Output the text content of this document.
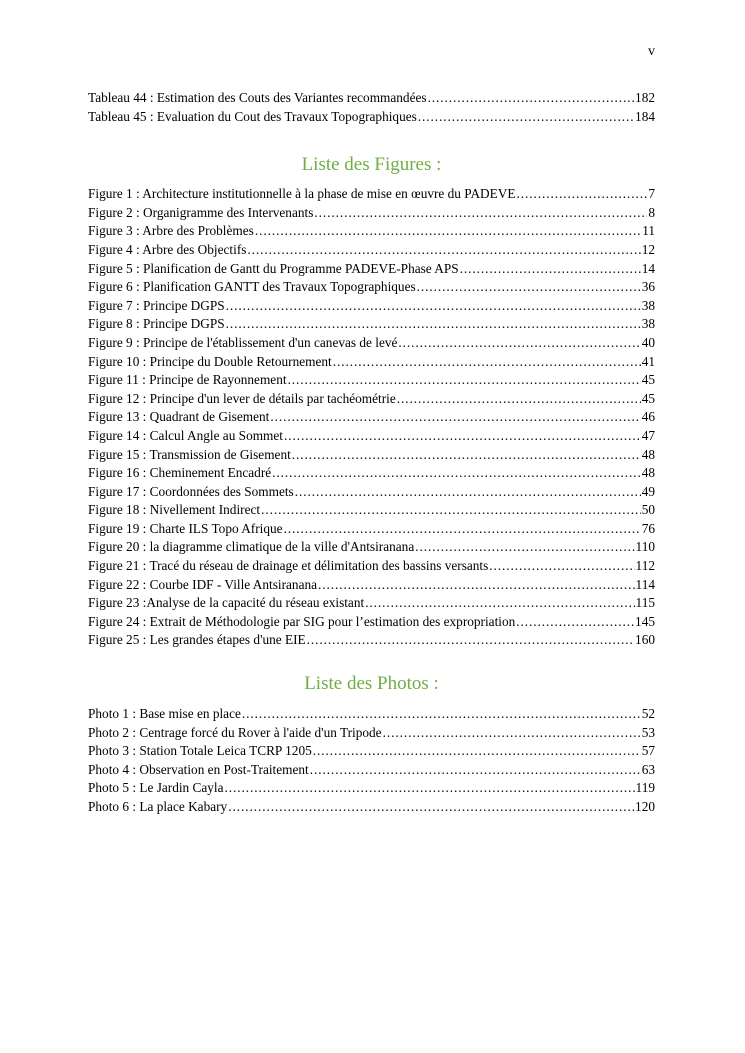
v
Tableau 44 : Estimation des Couts des Variantes recommandées . . .	182
Tableau 45 : Evaluation du Cout des Travaux Topographiques . . .	184
Liste des Figures :
Figure 1 : Architecture institutionnelle à la phase de mise en œuvre du PADEVE . . .	7
Figure 2 : Organigramme des Intervenants . . .	8
Figure 3 : Arbre des Problèmes . . .	11
Figure 4 : Arbre des Objectifs . . .	12
Figure 5 : Planification de Gantt du Programme PADEVE-Phase APS . . .	14
Figure 6 : Planification GANTT des Travaux Topographiques . . .	36
Figure 7 : Principe DGPS . . .	38
Figure 8 : Principe DGPS . . .	38
Figure 9 : Principe de l'établissement d'un canevas de levé . . .	40
Figure 10 : Principe du Double Retournement . . .	41
Figure 11 : Principe de Rayonnement . . .	45
Figure 12 : Principe d'un lever de détails par tachéométrie . . .	45
Figure 13 : Quadrant de Gisement . . .	46
Figure 14 : Calcul Angle au Sommet . . .	47
Figure 15 : Transmission de Gisement . . .	48
Figure 16 : Cheminement Encadré . . .	48
Figure 17 : Coordonnées des Sommets . . .	49
Figure 18 : Nivellement Indirect . . .	50
Figure 19 : Charte ILS Topo Afrique . . .	76
Figure 20 : la diagramme climatique de la ville d'Antsiranana . . .	110
Figure 21 : Tracé du réseau de drainage et délimitation des bassins versants . . .	112
Figure 22 : Courbe IDF - Ville Antsiranana . . .	114
Figure 23 :Analyse de la capacité du réseau existant . . .	115
Figure 24 : Extrait de Méthodologie par SIG pour l’estimation des expropriation . . .	145
Figure 25 : Les grandes étapes d'une EIE . . .	160
Liste des Photos :
Photo 1 : Base mise en place . . .	52
Photo 2 : Centrage forcé du Rover à l'aide d'un Tripode . . .	53
Photo 3 : Station Totale Leica TCRP 1205 . . .	57
Photo 4 : Observation en Post-Traitement . . .	63
Photo 5 : Le Jardin Cayla . . .	119
Photo 6 : La place Kabary . . .	120
